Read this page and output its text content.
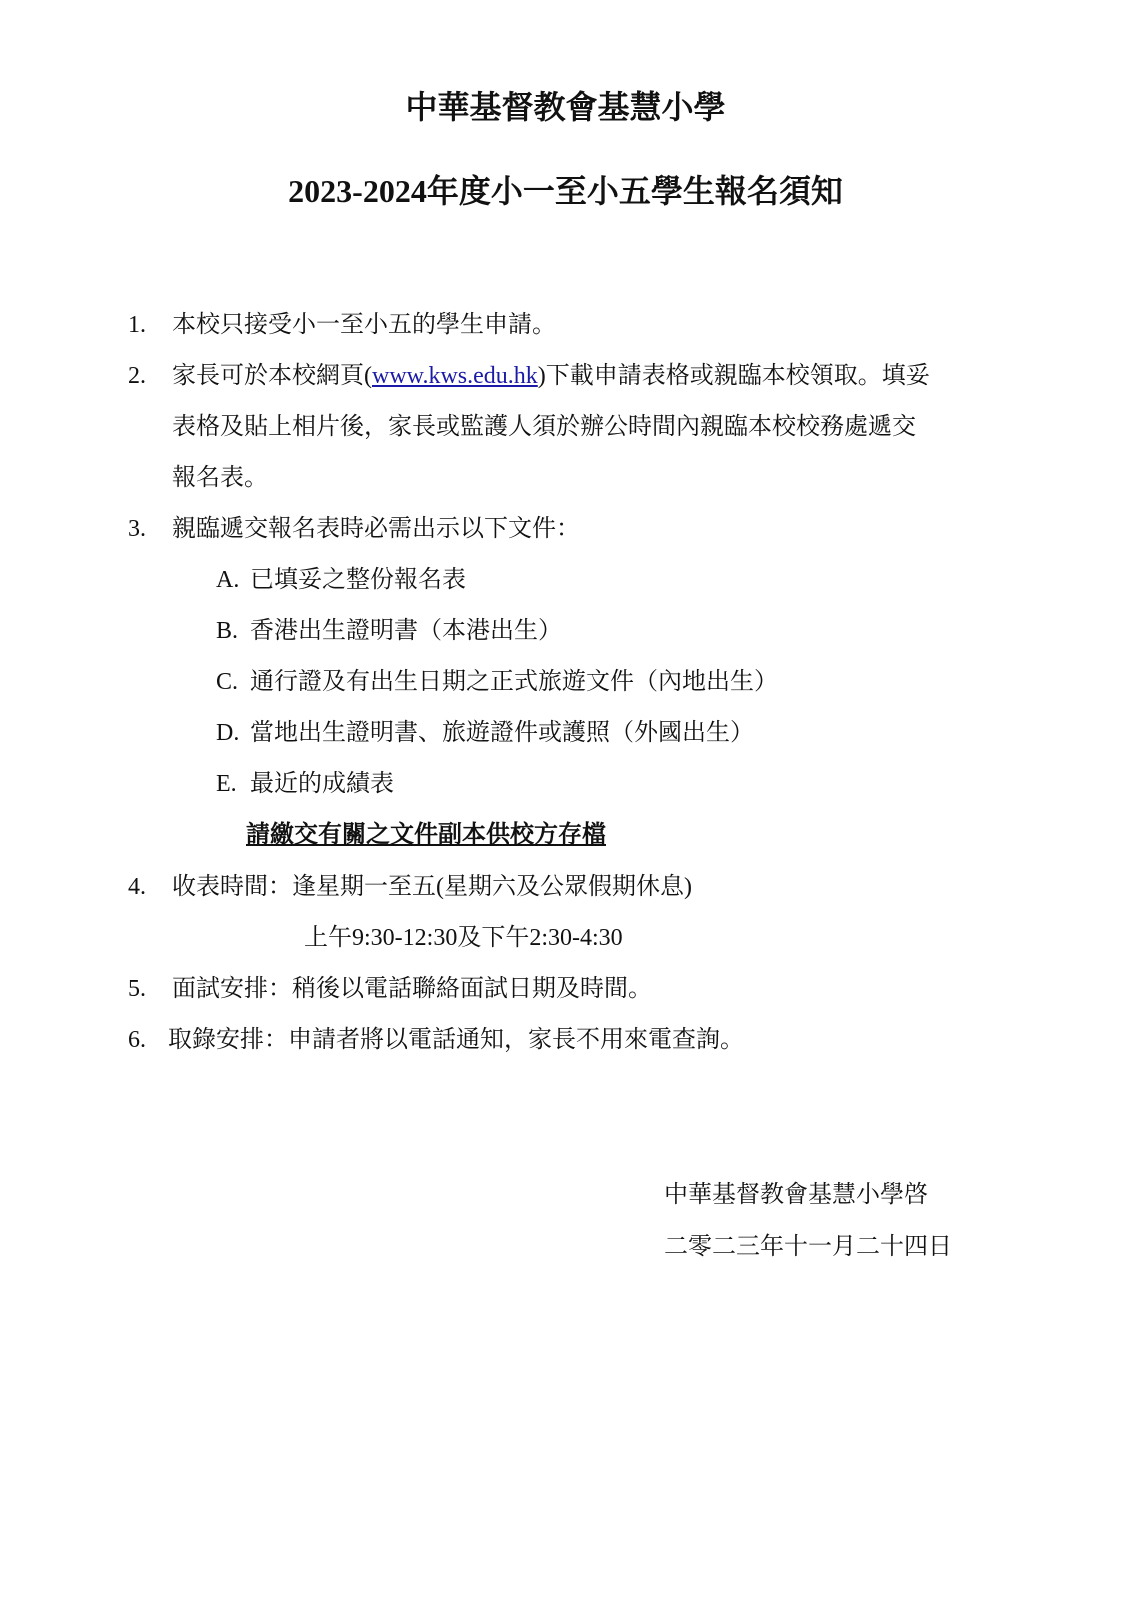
中華基督教會基慧小學
2023-2024年度小一至小五學生報名須知
1. 本校只接受小一至小五的學生申請。
2. 家長可於本校網頁(www.kws.edu.hk)下載申請表格或親臨本校領取。填妥
表格及貼上相片後，家長或監護人須於辦公時間內親臨本校校務處遞交
報名表。
3. 親臨遞交報名表時必需出示以下文件：
A. 已填妥之整份報名表
B. 香港出生證明書（本港出生）
C. 通行證及有出生日期之正式旅遊文件（內地出生）
D. 當地出生證明書、旅遊證件或護照（外國出生）
E. 最近的成績表
請繳交有關之文件副本供校方存檔
4. 收表時間：逢星期一至五(星期六及公眾假期休息)
上午9:30-12:30及下午2:30-4:30
5. 面試安排：稍後以電話聯絡面試日期及時間。
6. 取錄安排：申請者將以電話通知，家長不用來電查詢。
中華基督教會基慧小學啓
二零二三年十一月二十四日
